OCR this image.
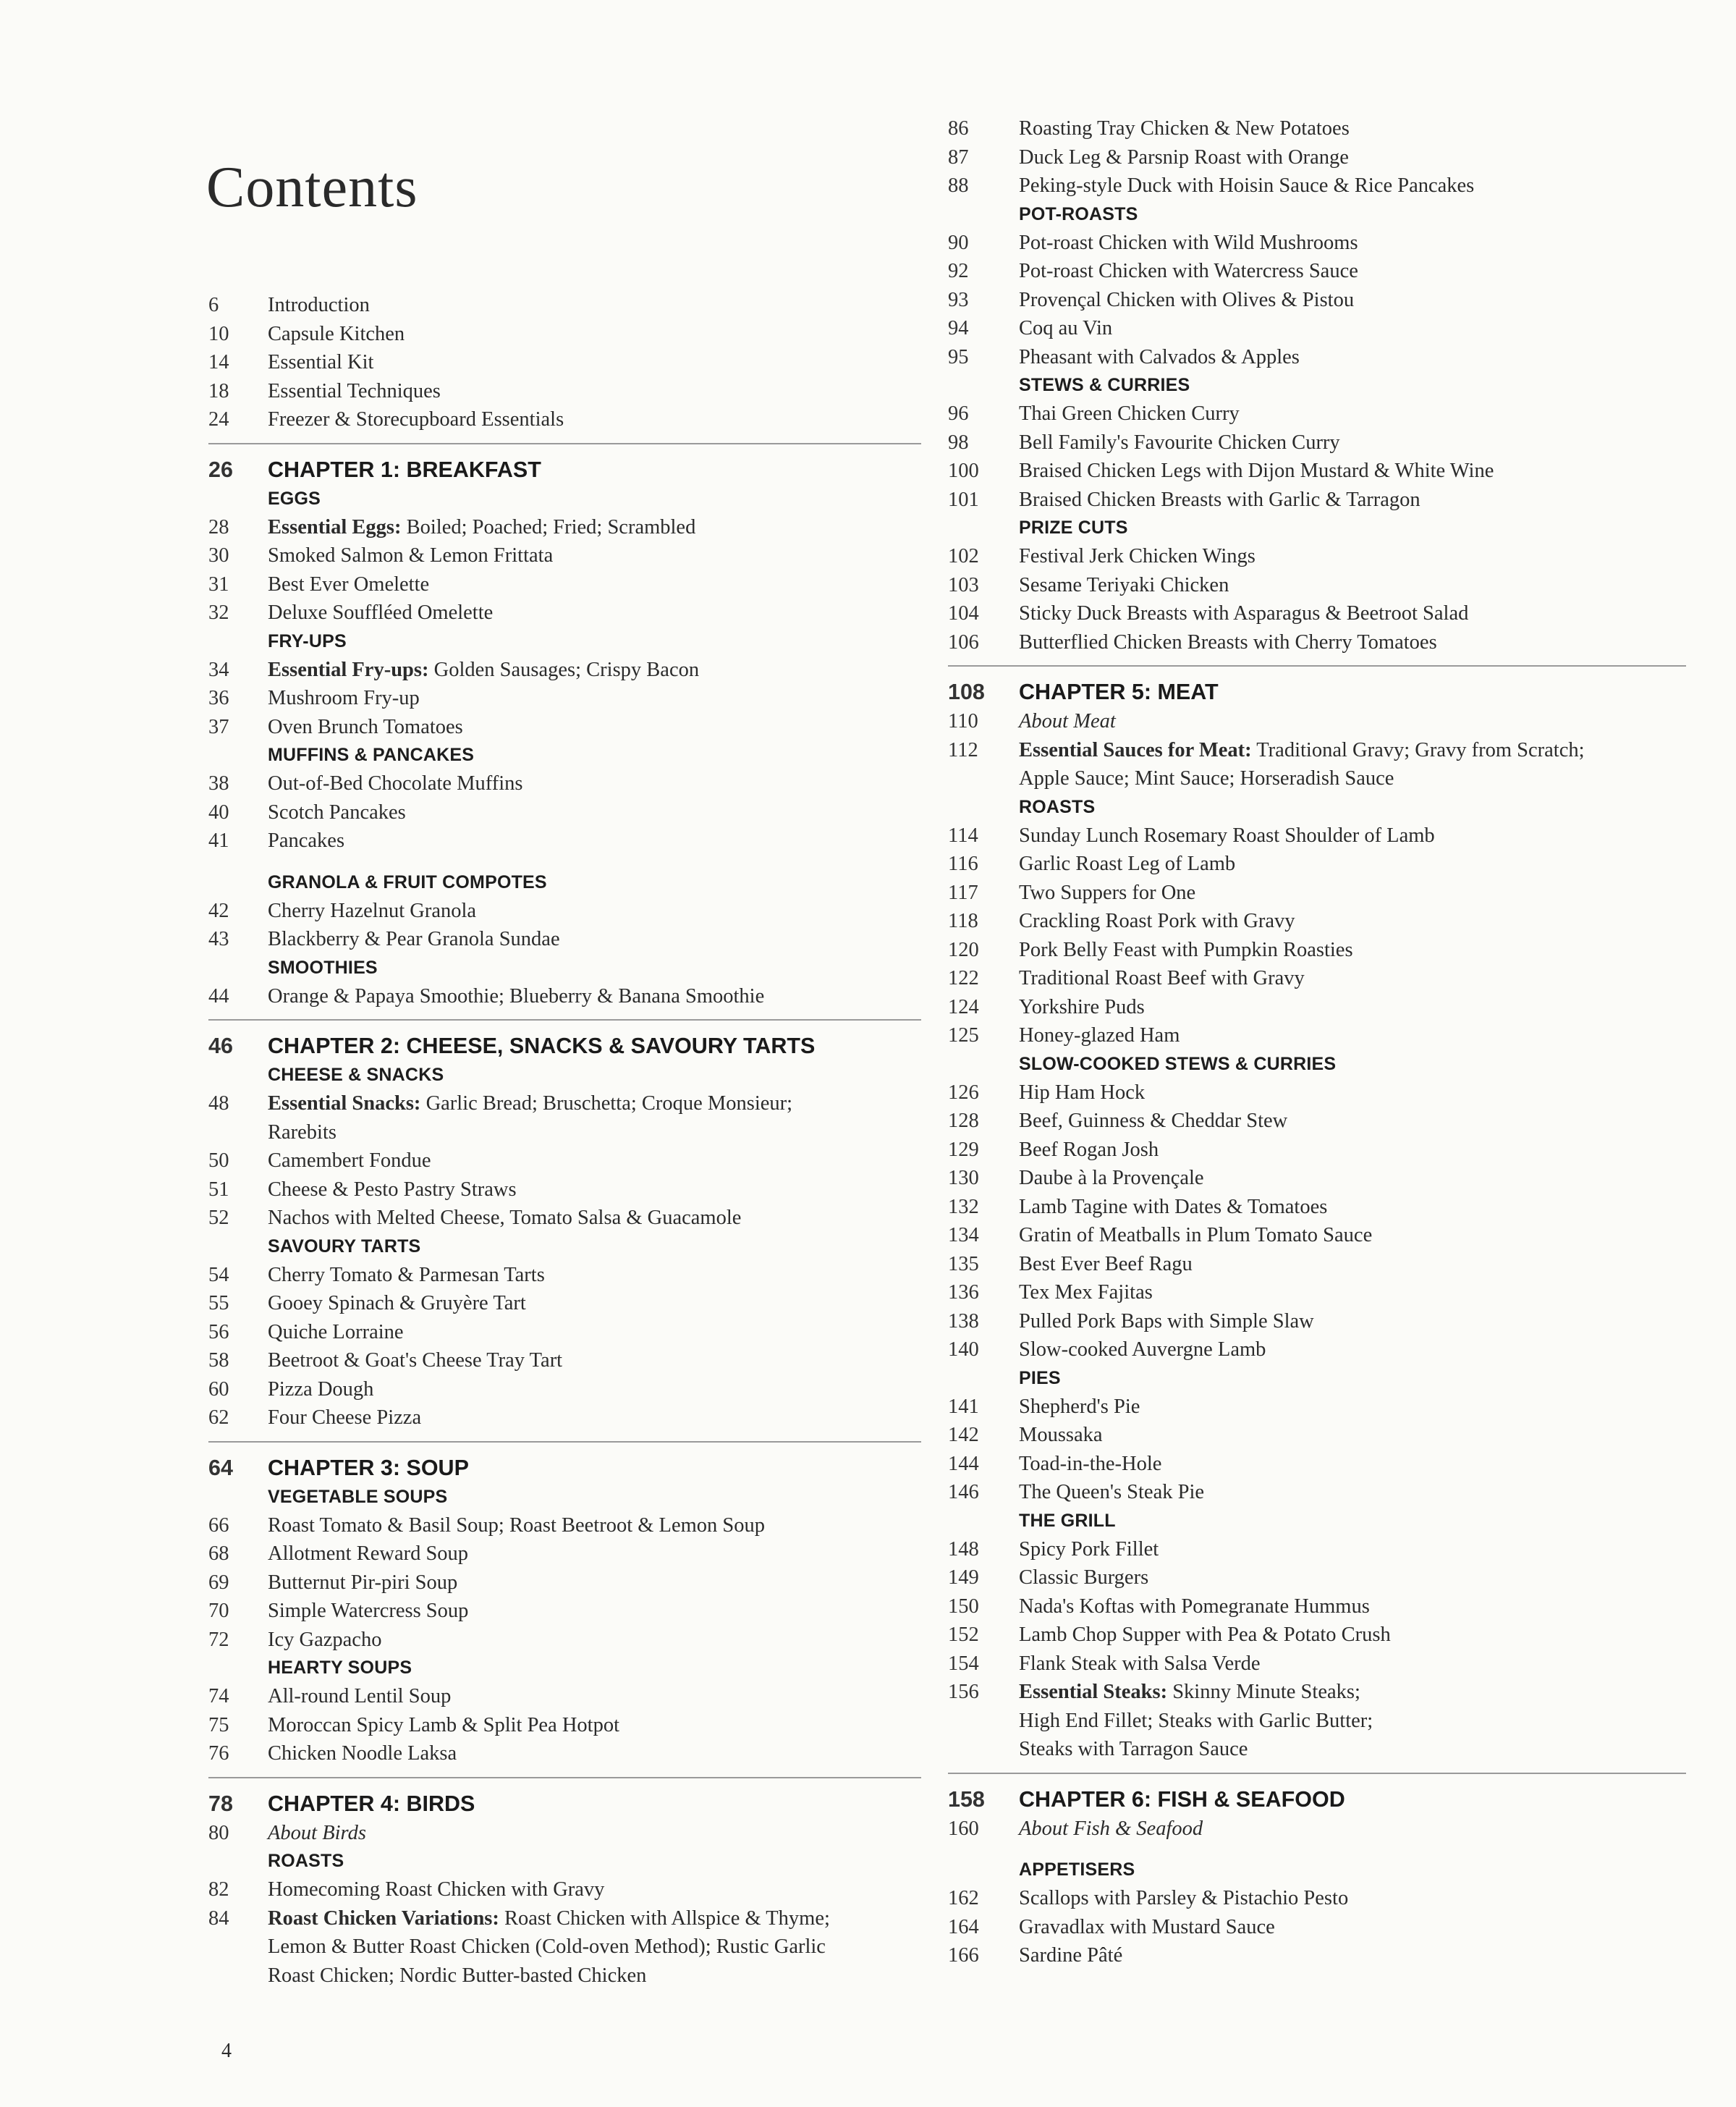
Contents
6	Introduction
10	Capsule Kitchen
14	Essential Kit
18	Essential Techniques
24	Freezer & Storecupboard Essentials
26	CHAPTER 1: BREAKFAST
EGGS
28	Essential Eggs: Boiled; Poached; Fried; Scrambled
30	Smoked Salmon & Lemon Frittata
31	Best Ever Omelette
32	Deluxe Souffléed Omelette
FRY-UPS
34	Essential Fry-ups: Golden Sausages; Crispy Bacon
36	Mushroom Fry-up
37	Oven Brunch Tomatoes
MUFFINS & PANCAKES
38	Out-of-Bed Chocolate Muffins
40	Scotch Pancakes
41	Pancakes
GRANOLA & FRUIT COMPOTES
42	Cherry Hazelnut Granola
43	Blackberry & Pear Granola Sundae
SMOOTHIES
44	Orange & Papaya Smoothie; Blueberry & Banana Smoothie
46	CHAPTER 2: CHEESE, SNACKS & SAVOURY TARTS
CHEESE & SNACKS
48	Essential Snacks: Garlic Bread; Bruschetta; Croque Monsieur;
Rarebits
50	Camembert Fondue
51	Cheese & Pesto Pastry Straws
52	Nachos with Melted Cheese, Tomato Salsa & Guacamole
SAVOURY TARTS
54	Cherry Tomato & Parmesan Tarts
55	Gooey Spinach & Gruyère Tart
56	Quiche Lorraine
58	Beetroot & Goat's Cheese Tray Tart
60	Pizza Dough
62	Four Cheese Pizza
64	CHAPTER 3: SOUP
VEGETABLE SOUPS
66	Roast Tomato & Basil Soup; Roast Beetroot & Lemon Soup
68	Allotment Reward Soup
69	Butternut Pir-piri Soup
70	Simple Watercress Soup
72	Icy Gazpacho
HEARTY SOUPS
74	All-round Lentil Soup
75	Moroccan Spicy Lamb & Split Pea Hotpot
76	Chicken Noodle Laksa
78	CHAPTER 4: BIRDS
80	About Birds
ROASTS
82	Homecoming Roast Chicken with Gravy
84	Roast Chicken Variations: Roast Chicken with Allspice & Thyme;
Lemon & Butter Roast Chicken (Cold-oven Method); Rustic Garlic
Roast Chicken; Nordic Butter-basted Chicken
86	Roasting Tray Chicken & New Potatoes
87	Duck Leg & Parsnip Roast with Orange
88	Peking-style Duck with Hoisin Sauce & Rice Pancakes
POT-ROASTS
90	Pot-roast Chicken with Wild Mushrooms
92	Pot-roast Chicken with Watercress Sauce
93	Provençal Chicken with Olives & Pistou
94	Coq au Vin
95	Pheasant with Calvados & Apples
STEWS & CURRIES
96	Thai Green Chicken Curry
98	Bell Family's Favourite Chicken Curry
100	Braised Chicken Legs with Dijon Mustard & White Wine
101	Braised Chicken Breasts with Garlic & Tarragon
PRIZE CUTS
102	Festival Jerk Chicken Wings
103	Sesame Teriyaki Chicken
104	Sticky Duck Breasts with Asparagus & Beetroot Salad
106	Butterflied Chicken Breasts with Cherry Tomatoes
108	CHAPTER 5: MEAT
110	About Meat
112	Essential Sauces for Meat: Traditional Gravy; Gravy from Scratch;
Apple Sauce; Mint Sauce; Horseradish Sauce
ROASTS
114	Sunday Lunch Rosemary Roast Shoulder of Lamb
116	Garlic Roast Leg of Lamb
117	Two Suppers for One
118	Crackling Roast Pork with Gravy
120	Pork Belly Feast with Pumpkin Roasties
122	Traditional Roast Beef with Gravy
124	Yorkshire Puds
125	Honey-glazed Ham
SLOW-COOKED STEWS & CURRIES
126	Hip Ham Hock
128	Beef, Guinness & Cheddar Stew
129	Beef Rogan Josh
130	Daube à la Provençale
132	Lamb Tagine with Dates & Tomatoes
134	Gratin of Meatballs in Plum Tomato Sauce
135	Best Ever Beef Ragu
136	Tex Mex Fajitas
138	Pulled Pork Baps with Simple Slaw
140	Slow-cooked Auvergne Lamb
PIES
141	Shepherd's Pie
142	Moussaka
144	Toad-in-the-Hole
146	The Queen's Steak Pie
THE GRILL
148	Spicy Pork Fillet
149	Classic Burgers
150	Nada's Koftas with Pomegranate Hummus
152	Lamb Chop Supper with Pea & Potato Crush
154	Flank Steak with Salsa Verde
156	Essential Steaks: Skinny Minute Steaks;
High End Fillet; Steaks with Garlic Butter;
Steaks with Tarragon Sauce
158	CHAPTER 6: FISH & SEAFOOD
160	About Fish & Seafood
APPETISERS
162	Scallops with Parsley & Pistachio Pesto
164	Gravadlax with Mustard Sauce
166	Sardine Pâté
4
